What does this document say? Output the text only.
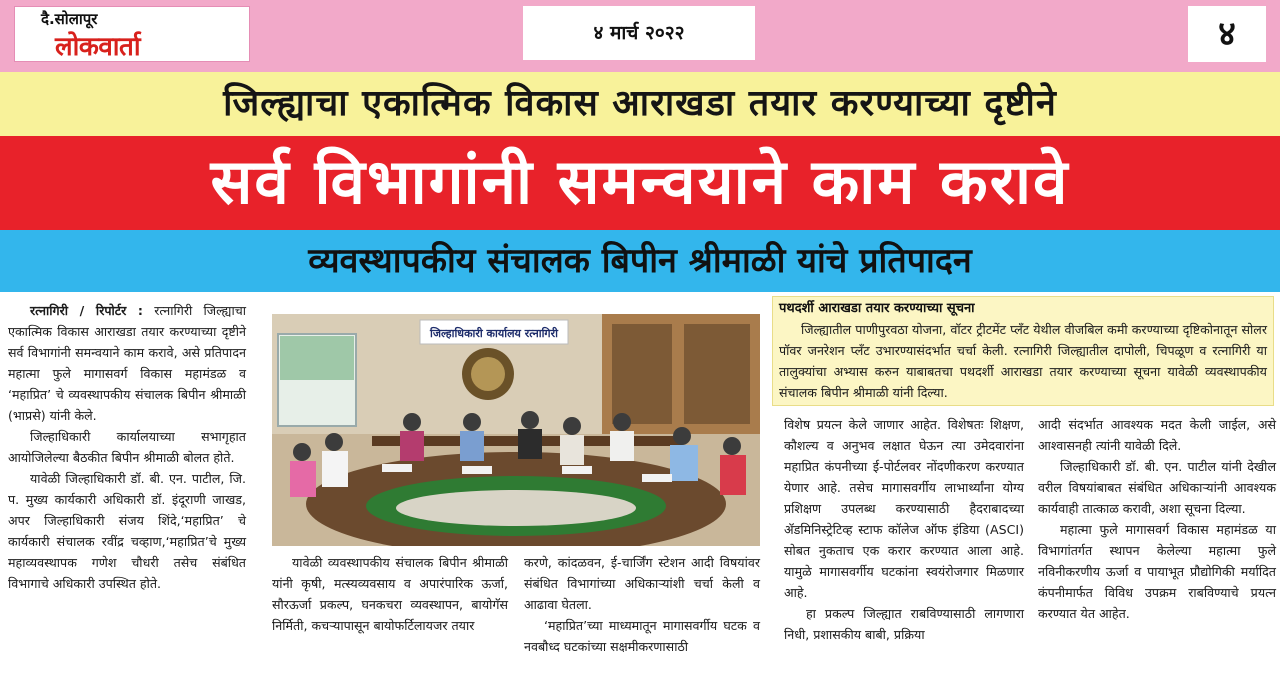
दै.सोलापूर
लोकवार्ता	४ मार्च २०२२	४
जिल्ह्याचा एकात्मिक विकास आराखडा तयार करण्याच्या दृष्टीने
सर्व विभागांनी समन्वयाने काम करावे
व्यवस्थापकीय संचालक बिपीन श्रीमाळी यांचे प्रतिपादन

रत्नागिरी / रिपोर्टर : रत्नागिरी जिल्ह्याचा एकात्मिक विकास आराखडा तयार करण्याच्या दृष्टीने सर्व विभागांनी समन्वयाने काम करावे, असे प्रतिपादन महात्मा फुले मागासवर्ग विकास महामंडळ व ‘महाप्रित’ चे व्यवस्थापकीय संचालक बिपीन श्रीमाळी (भाप्रसे) यांनी केले.

जिल्हाधिकारी कार्यालयाच्या सभागृहात आयोजिलेल्या बैठकीत बिपीन श्रीमाळी बोलत होते.

यावेळी जिल्हाधिकारी डॉ. बी. एन. पाटील, जि. प. मुख्य कार्यकारी अधिकारी डॉ. इंदूराणी जाखड, अपर जिल्हाधिकारी संजय शिंदे,‘महाप्रित’ चे कार्यकारी संचालक रवींद्र चव्हाण,‘महाप्रित’चे मुख्य महाव्यवस्थापक गणेश चौधरी तसेच संबंधित विभागाचे अधिकारी उपस्थित होते.

जिल्हाधिकारी कार्यालय रत्नागिरी

यावेळी व्यवस्थापकीय संचालक बिपीन श्रीमाळी यांनी कृषी, मत्स्यव्यवसाय व अपारंपारिक ऊर्जा, सौरऊर्जा प्रकल्प, घनकचरा व्यवस्थापन, बायोगॅस निर्मिती, कचऱ्यापासून बायोफर्टिलायजर तयार

करणे, कांदळवन, ई-चार्जिंग स्टेशन आदी विषयांवर संबंधित विभागांच्या अधिकाऱ्यांशी चर्चा केली व आढावा घेतला.

‘महाप्रित’च्या माध्यमातून मागासवर्गीय घटक व नवबौध्द घटकांच्या सक्षमीकरणासाठी

पथदर्शी आराखडा तयार करण्याच्या सूचना

जिल्ह्यातील पाणीपुरवठा योजना, वॉटर ट्रीटमेंट प्लँट येथील वीजबिल कमी करण्याच्या दृष्टिकोनातून सोलर पॉवर जनरेशन प्लँट उभारण्यासंदर्भात चर्चा केली. रत्नागिरी जिल्ह्यातील दापोली, चिपळूण व रत्नागिरी या तालुक्यांचा अभ्यास करुन याबाबतचा पथदर्शी आराखडा तयार करण्याच्या सूचना यावेळी व्यवस्थापकीय संचालक बिपीन श्रीमाळी यांनी दिल्या.

विशेष प्रयत्न केले जाणार आहेत. विशेषतः शिक्षण, कौशल्य व अनुभव लक्षात घेऊन त्या उमेदवारांना महाप्रित कंपनीच्या ई-पोर्टलवर नोंदणीकरण करण्यात येणार आहे. तसेच मागासवर्गीय लाभार्थ्यांना योग्य प्रशिक्षण उपलब्ध करण्यासाठी हैदराबादच्या ॲडमिनिस्ट्रेटिव्ह स्टाफ कॉलेज ऑफ इंडिया (ASCI) सोबत नुकताच एक करार करण्यात आला आहे. यामुळे मागासवर्गीय घटकांना स्वयंरोजगार मिळणार आहे.

हा प्रकल्प जिल्ह्यात राबविण्यासाठी लागणारा निधी, प्रशासकीय बाबी, प्रक्रिया

आदी संदर्भात आवश्यक मदत केली जाईल, असे आश्वासनही त्यांनी यावेळी दिले.

जिल्हाधिकारी डॉ. बी. एन. पाटील यांनी देखील वरील विषयांबाबत संबंधित अधिकाऱ्यांनी आवश्यक कार्यवाही तात्काळ करावी, अशा सूचना दिल्या.

महात्मा फुले मागासवर्ग विकास महामंडळ या विभागांतर्गत स्थापन केलेल्या महात्मा फुले नविनीकरणीय ऊर्जा व पायाभूत प्रौद्योगिकी मर्यादित कंपनीमार्फत विविध उपक्रम राबविण्याचे प्रयत्न करण्यात येत आहेत.
